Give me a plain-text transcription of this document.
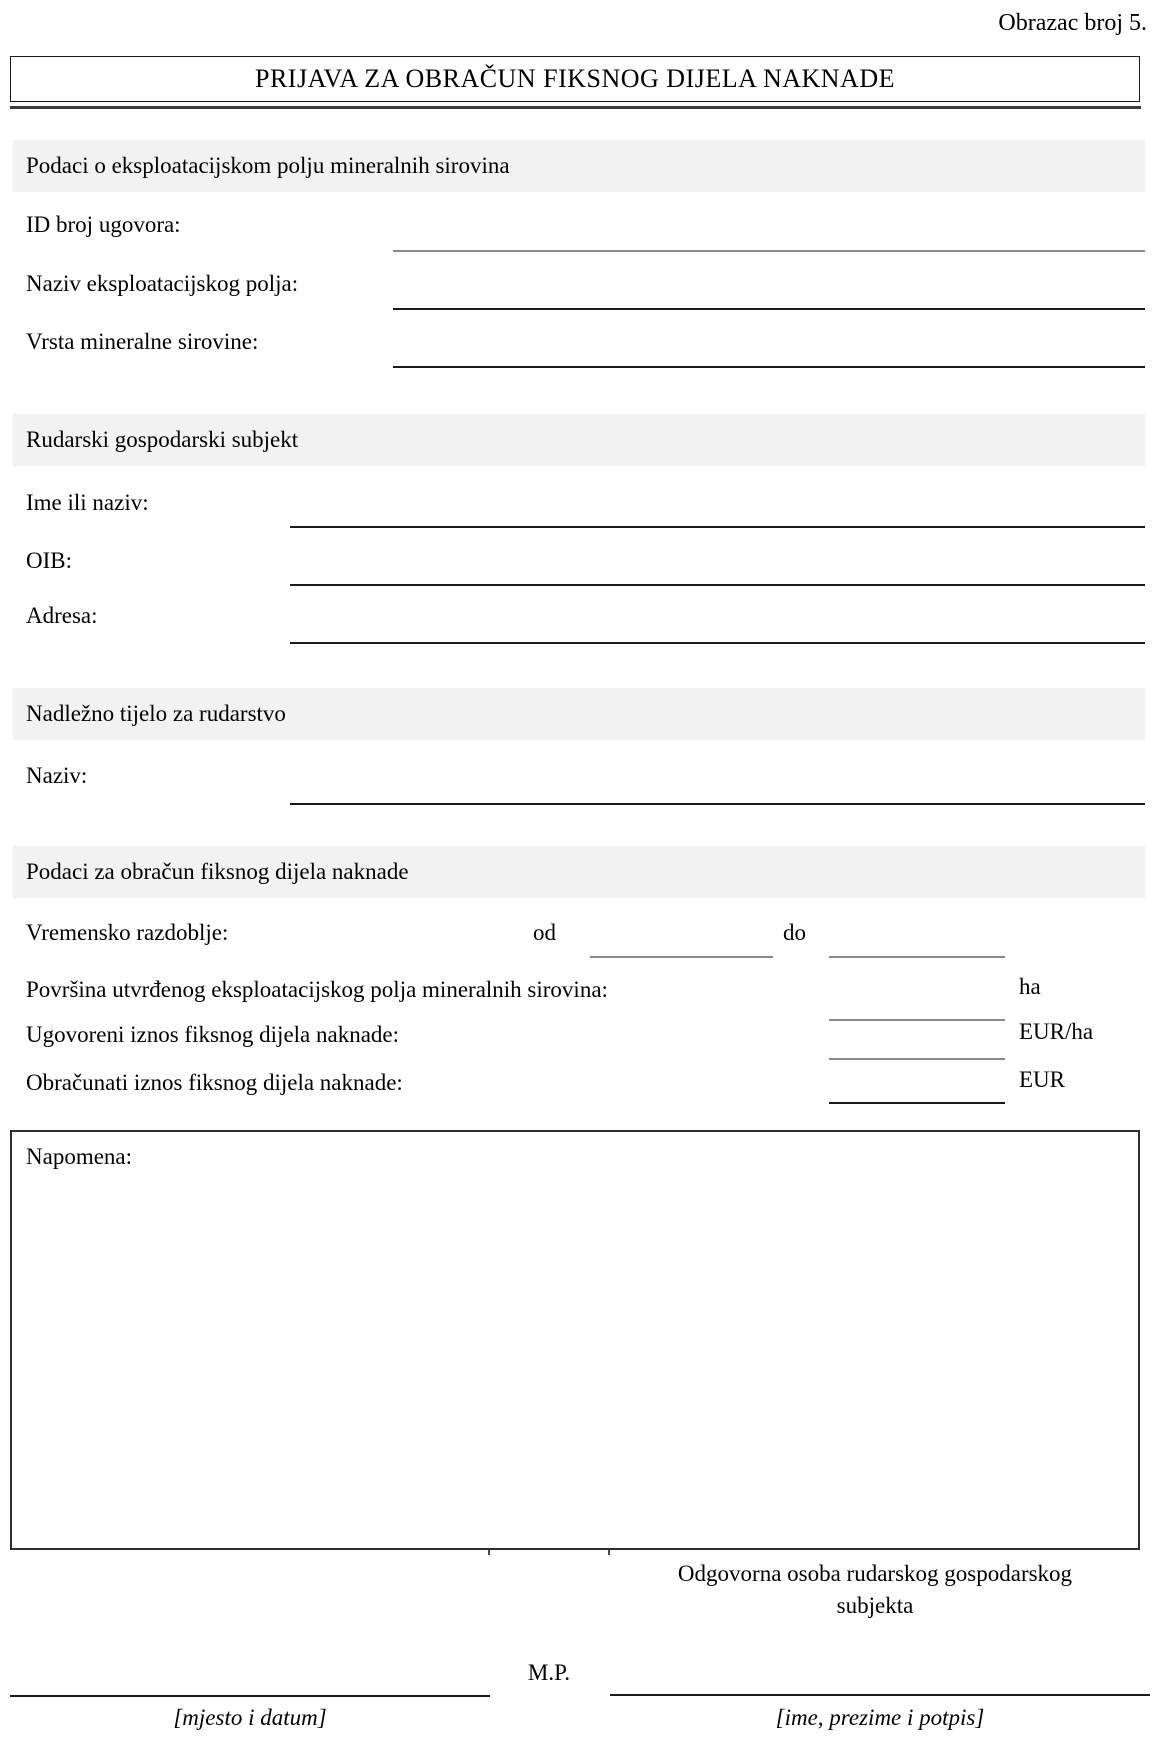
Obrazac broj 5.
PRIJAVA ZA OBRAČUN FIKSNOG DIJELA NAKNADE
Podaci o eksploatacijskom polju mineralnih sirovina
ID broj ugovora:
Naziv eksploatacijskog polja:
Vrsta mineralne sirovine:
Rudarski gospodarski subjekt
Ime ili naziv:
OIB:
Adresa:
Nadležno tijelo za rudarstvo
Naziv:
Podaci za obračun fiksnog dijela naknade
Vremensko razdoblje:	od	do
Površina utvrđenog eksploatacijskog polja mineralnih sirovina:	ha
Ugovoreni iznos fiksnog dijela naknade:	EUR/ha
Obračunati iznos fiksnog dijela naknade:	EUR
Napomena:
Odgovorna osoba rudarskog gospodarskog
subjekta
M.P.
[mjesto i datum]	[ime, prezime i potpis]
